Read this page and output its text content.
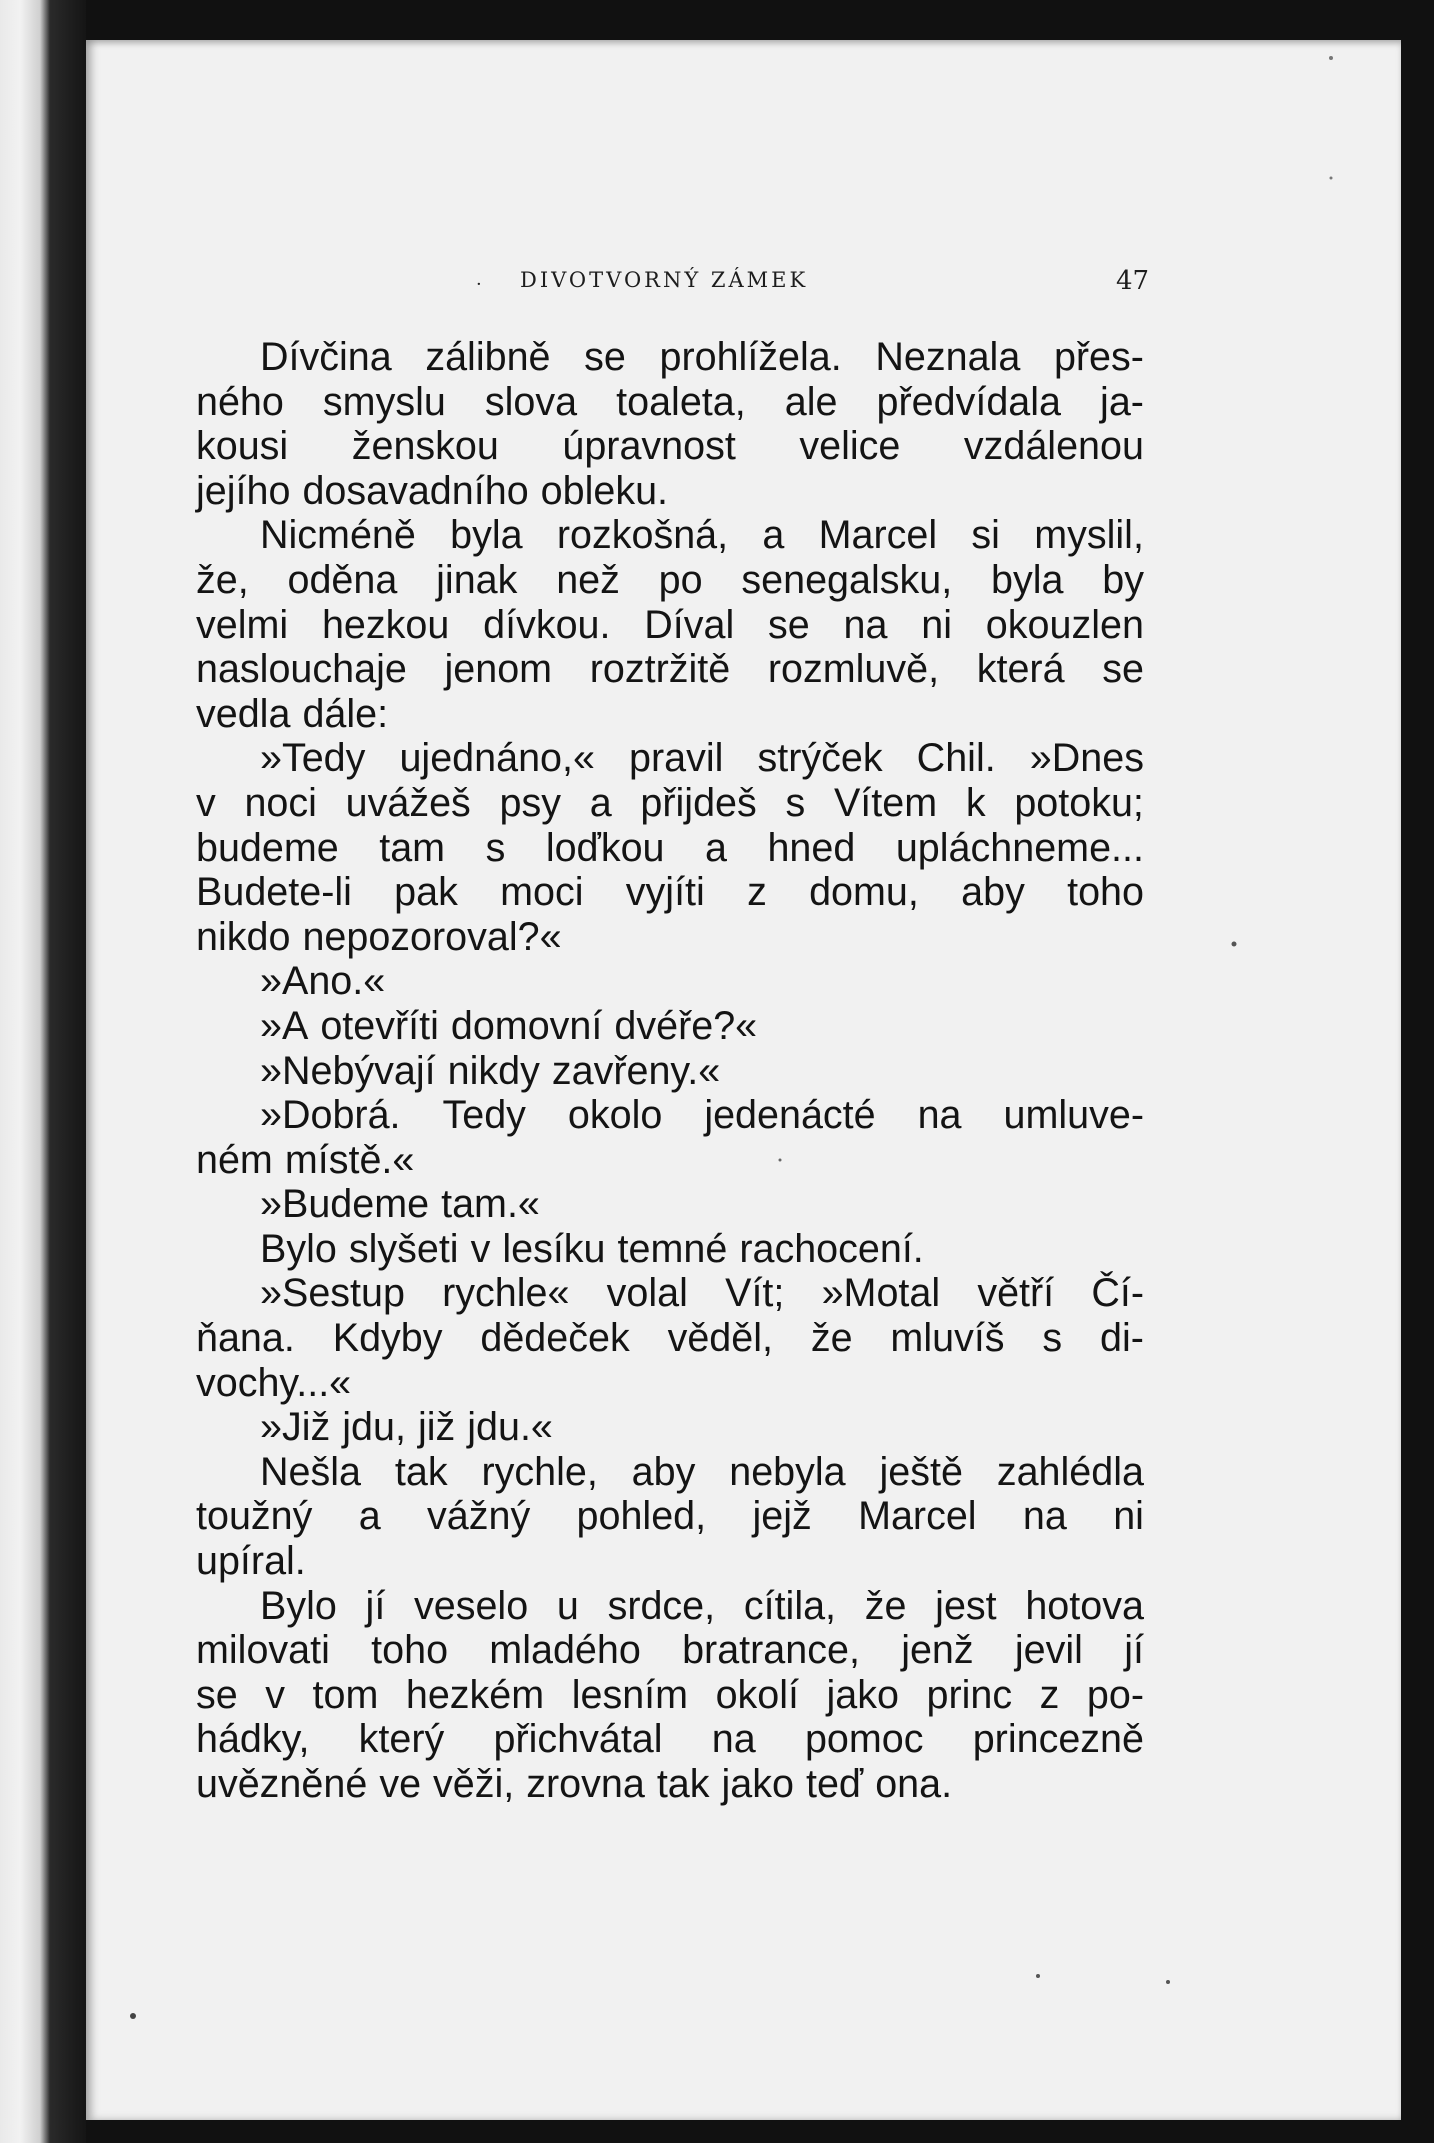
· DIVOTVORNÝ ZÁMEK	47
Dívčina zálibně se prohlížela. Neznala přes-
ného smyslu slova toaleta, ale předvídala ja-
kousi ženskou úpravnost velice vzdálenou
jejího dosavadního obleku.
Nicméně byla rozkošná, a Marcel si myslil,
že, oděna jinak než po senegalsku, byla by
velmi hezkou dívkou. Díval se na ni okouzlen
naslouchaje jenom roztržitě rozmluvě, která se
vedla dále:
»Tedy ujednáno,« pravil strýček Chil. »Dnes
v noci uvážeš psy a přijdeš s Vítem k potoku;
budeme tam s loďkou a hned upláchneme...
Budete-li pak moci vyjíti z domu, aby toho
nikdo nepozoroval?«
»Ano.«
»A otevříti domovní dvéře?«
»Nebývají nikdy zavřeny.«
»Dobrá. Tedy okolo jedenácté na umluve-
ném místě.«
»Budeme tam.«
Bylo slyšeti v lesíku temné rachocení.
»Sestup rychle« volal Vít; »Motal větří Čí-
ňana. Kdyby dědeček věděl, že mluvíš s di-
vochy...«
»Již jdu, již jdu.«
Nešla tak rychle, aby nebyla ještě zahlédla
toužný a vážný pohled, jejž Marcel na ni
upíral.
Bylo jí veselo u srdce, cítila, že jest hotova
milovati toho mladého bratrance, jenž jevil jí
se v tom hezkém lesním okolí jako princ z po-
hádky, který přichvátal na pomoc princezně
uvězněné ve věži, zrovna tak jako teď ona.
